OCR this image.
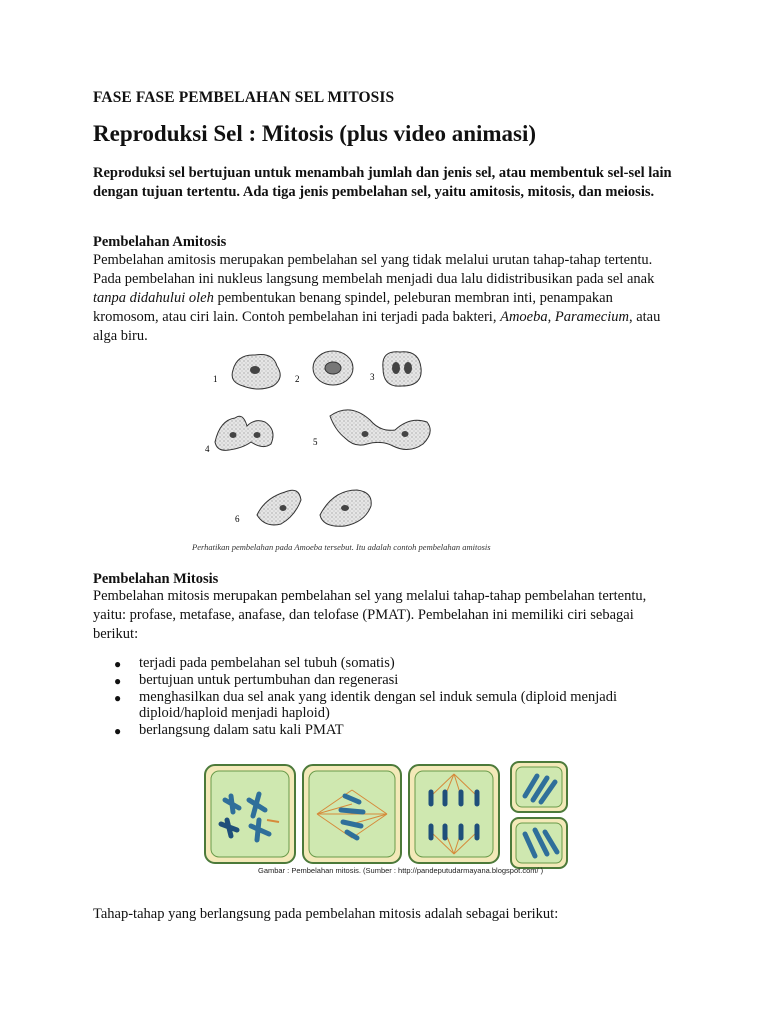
FASE FASE PEMBELAHAN SEL MITOSIS
Reproduksi Sel : Mitosis (plus video animasi)
Reproduksi sel bertujuan untuk menambah jumlah dan jenis sel, atau membentuk sel-sel lain dengan tujuan tertentu. Ada tiga jenis pembelahan sel, yaitu amitosis, mitosis, dan meiosis.
Pembelahan Amitosis
Pembelahan amitosis merupakan pembelahan sel yang tidak melalui urutan tahap-tahap tertentu. Pada pembelahan ini nukleus langsung membelah menjadi dua lalu didistribusikan pada sel anak tanpa didahului oleh pembentukan benang spindel, peleburan membran inti, penampakan kromosom, atau ciri lain. Contoh pembelahan ini terjadi pada bakteri, Amoeba, Paramecium, atau alga biru.
1	2	3
4
5
6
Perhatikan pembelahan pada Amoeba tersebut. Itu adalah contoh pembelahan amitosis
Pembelahan Mitosis
Pembelahan mitosis merupakan pembelahan sel yang melalui tahap-tahap pembelahan tertentu, yaitu: profase, metafase, anafase, dan telofase (PMAT). Pembelahan ini memiliki ciri sebagai berikut:
● terjadi pada pembelahan sel tubuh (somatis)
● bertujuan untuk pertumbuhan dan regenerasi
● menghasilkan dua sel anak yang identik dengan sel induk semula (diploid menjadi diploid/haploid menjadi haploid)
● berlangsung dalam satu kali PMAT
Gambar : Pembelahan mitosis. (Sumber : http://pandeputudarmayana.blogspot.com/ )
Tahap-tahap yang berlangsung pada pembelahan mitosis adalah sebagai berikut:
